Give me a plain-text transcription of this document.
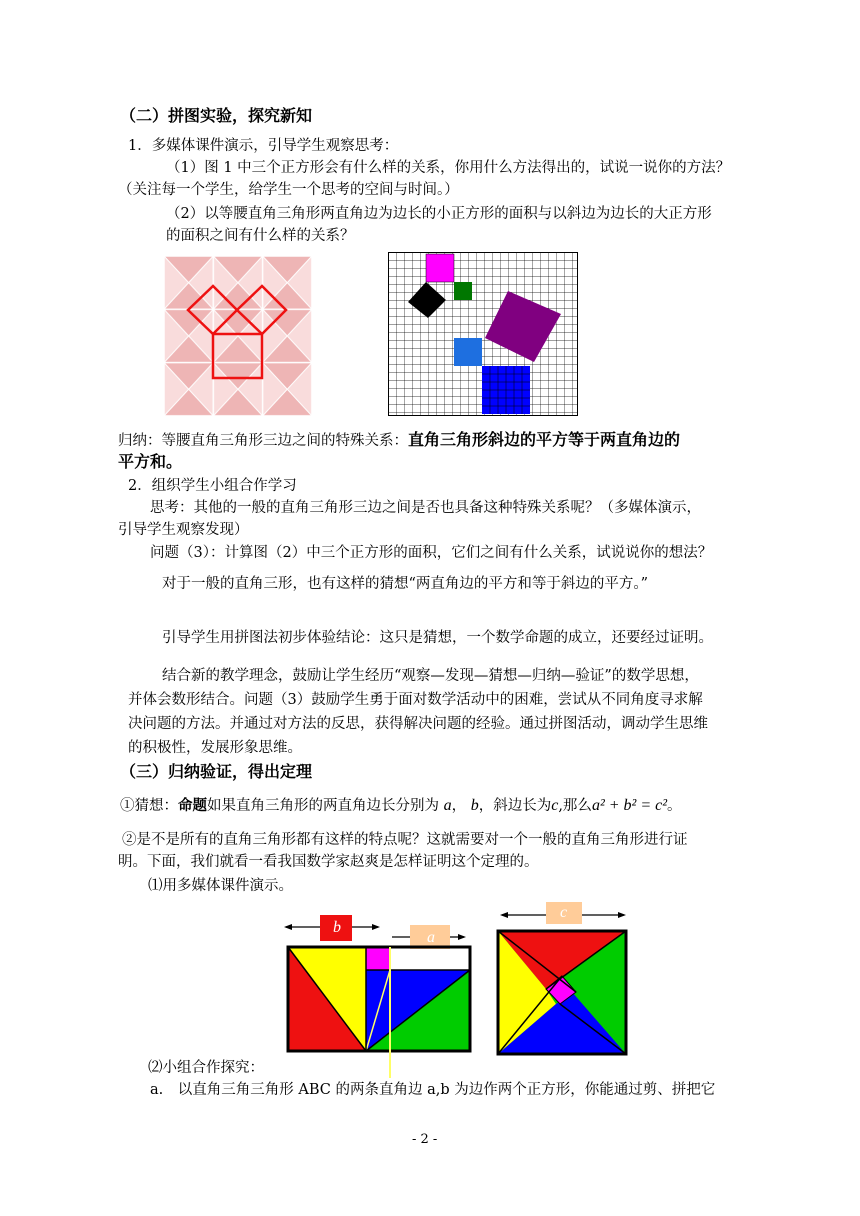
（二）拼图实验，探究新知
1．多媒体课件演示，引导学生观察思考：
（1）图 1 中三个正方形会有什么样的关系，你用什么方法得出的，试说一说你的方法？
（关注每一个学生，给学生一个思考的空间与时间。）
（2）以等腰直角三角形两直角边为边长的小正方形的面积与以斜边为边长的大正方形
的面积之间有什么样的关系？
归纳：等腰直角三角形三边之间的特殊关系：直角三角形斜边的平方等于两直角边的
平方和。
2．组织学生小组合作学习
思考：其他的一般的直角三角形三边之间是否也具备这种特殊关系呢？（多媒体演示，
引导学生观察发现）
问题（3）：计算图（2）中三个正方形的面积，它们之间有什么关系，试说说你的想法？
对于一般的直角三形，也有这样的猜想“两直角边的平方和等于斜边的平方。”
引导学生用拼图法初步体验结论：这只是猜想，一个数学命题的成立，还要经过证明。
结合新的教学理念，鼓励让学生经历“观察—发现—猜想—归纳—验证”的数学思想，
并体会数形结合。问题（3）鼓励学生勇于面对数学活动中的困难，尝试从不同角度寻求解
决问题的方法。并通过对方法的反思，获得解决问题的经验。通过拼图活动，调动学生思维
的积极性，发展形象思维。
（三）归纳验证，得出定理
①猜想：命题如果直角三角形的两直角边长分别为 a， b，斜边长为c,那么a² + b² = c²。
②是不是所有的直角三角形都有这样的特点呢？这就需要对一个一般的直角三角形进行证
明。下面，我们就看一看我国数学家赵爽是怎样证明这个定理的。
⑴用多媒体课件演示。
b
a
c
⑵小组合作探究：
a.　以直角三角三角形 ABC 的两条直角边 a,b 为边作两个正方形，你能通过剪、拼把它
- 2 -
